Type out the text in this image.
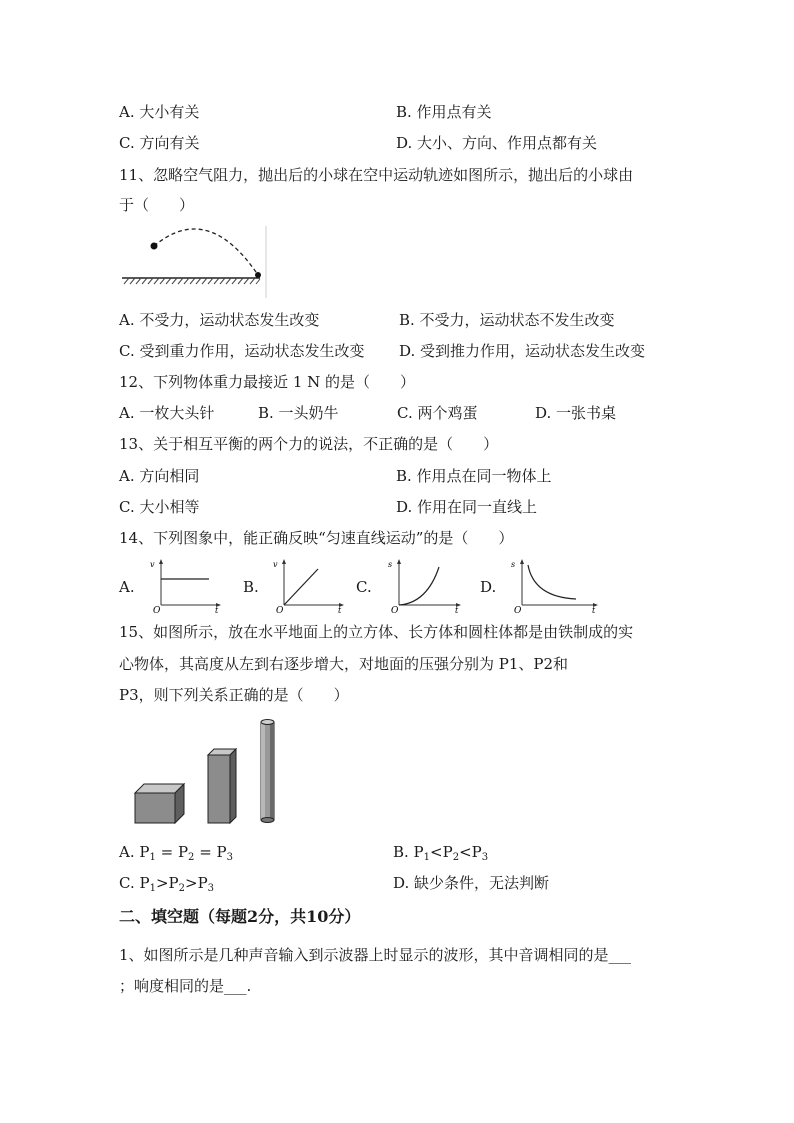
A. 大小有关	B. 作用点有关
C. 方向有关	D. 大小、方向、作用点都有关
11、忽略空气阻力，抛出后的小球在空中运动轨迹如图所示，抛出后的小球由
于（　　）
A. 不受力，运动状态发生改变	B. 不受力，运动状态不发生改变
C. 受到重力作用，运动状态发生改变 D. 受到推力作用，运动状态发生改变
12、下列物体重力最接近 1 N 的是（　　）
A. 一枚大头针	B. 一头奶牛	C. 两个鸡蛋	D. 一张书桌
13、关于相互平衡的两个力的说法，不正确的是（　　）
A. 方向相同	B. 作用点在同一物体上
C. 大小相等	D. 作用在同一直线上
14、下列图象中，能正确反映“匀速直线运动”的是（　　）
A.
v
t
O
B.
v
t
O
C.
s
t
O
D.
s
t
O
15、如图所示，放在水平地面上的立方体、长方体和圆柱体都是由铁制成的实
心物体，其高度从左到右逐步增大，对地面的压强分别为 P1、P2和
P3，则下列关系正确的是（　　）
A. $P_1 = P_2 = P_3$	B. $P_1<P_2<P_3$
C. $P_1>P_2>P_3$	D. 缺少条件，无法判断
二、填空题（每题2分，共10分）
1、如图所示是几种声音输入到示波器上时显示的波形，其中音调相同的是___
；响度相同的是___.
